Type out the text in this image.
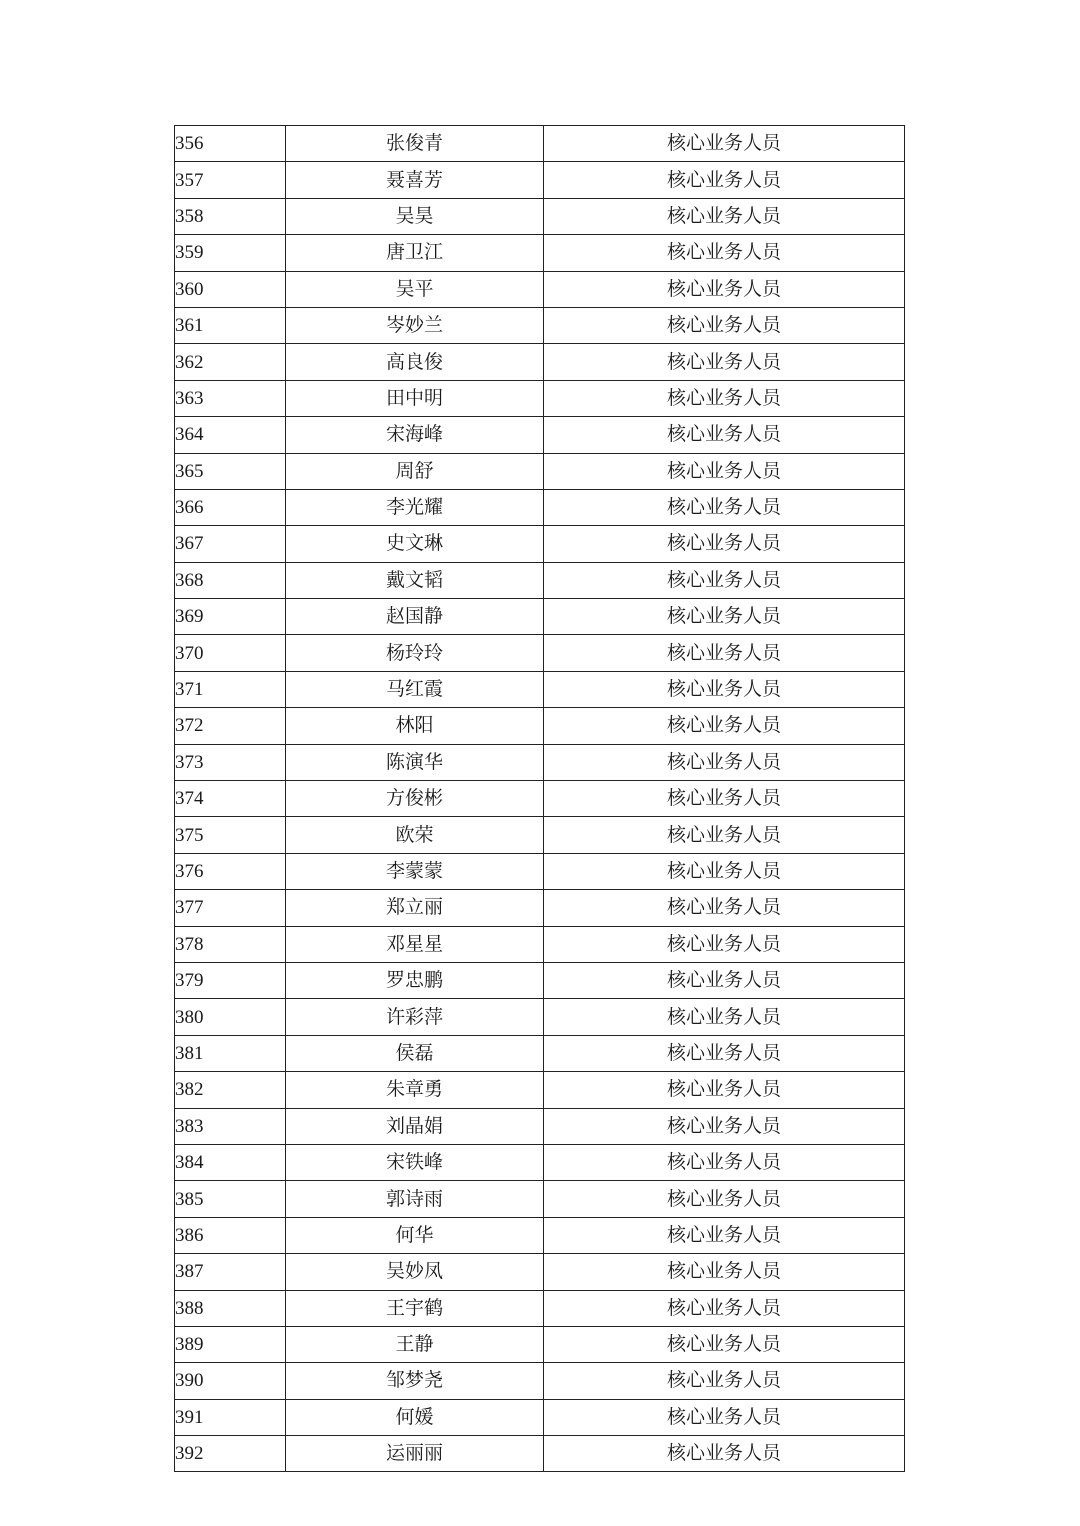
356	张俊青	核心业务人员
357	聂喜芳	核心业务人员
358	吴昊	核心业务人员
359	唐卫江	核心业务人员
360	吴平	核心业务人员
361	岑妙兰	核心业务人员
362	高良俊	核心业务人员
363	田中明	核心业务人员
364	宋海峰	核心业务人员
365	周舒	核心业务人员
366	李光耀	核心业务人员
367	史文琳	核心业务人员
368	戴文韬	核心业务人员
369	赵国静	核心业务人员
370	杨玲玲	核心业务人员
371	马红霞	核心业务人员
372	林阳	核心业务人员
373	陈演华	核心业务人员
374	方俊彬	核心业务人员
375	欧荣	核心业务人员
376	李蒙蒙	核心业务人员
377	郑立丽	核心业务人员
378	邓星星	核心业务人员
379	罗忠鹏	核心业务人员
380	许彩萍	核心业务人员
381	侯磊	核心业务人员
382	朱章勇	核心业务人员
383	刘晶娟	核心业务人员
384	宋铁峰	核心业务人员
385	郭诗雨	核心业务人员
386	何华	核心业务人员
387	吴妙凤	核心业务人员
388	王宇鹤	核心业务人员
389	王静	核心业务人员
390	邹梦尧	核心业务人员
391	何媛	核心业务人员
392	运丽丽	核心业务人员
